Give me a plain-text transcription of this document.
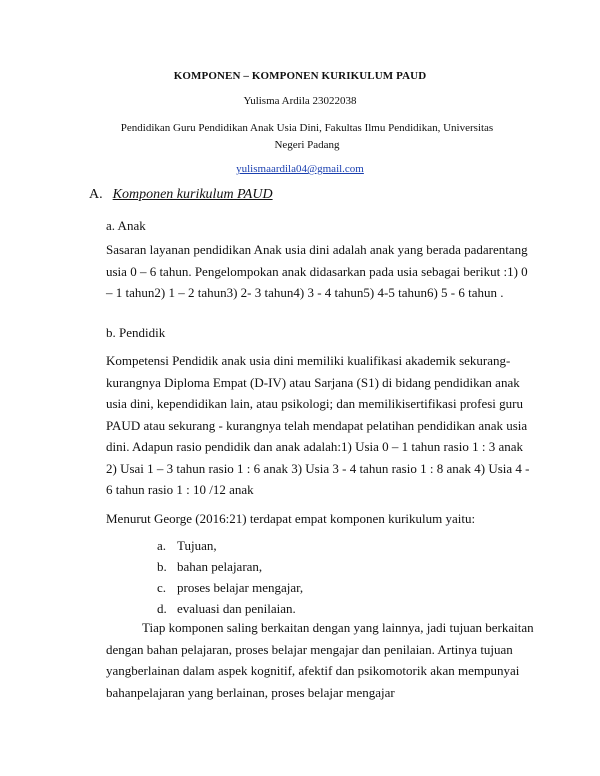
KOMPONEN – KOMPONEN KURIKULUM PAUD
Yulisma Ardila 23022038
Pendidikan Guru Pendidikan Anak Usia Dini, Fakultas Ilmu Pendidikan, Universitas Negeri Padang
yulismaardila04@gmail.com
A. Komponen kurikulum PAUD
a. Anak

Sasaran layanan pendidikan Anak usia dini adalah anak yang berada padarentang usia 0 – 6 tahun. Pengelompokan anak didasarkan pada usia sebagai berikut :1) 0 – 1 tahun2) 1 – 2 tahun3) 2- 3 tahun4) 3 - 4 tahun5) 4-5 tahun6) 5 - 6 tahun .

b. Pendidik

Kompetensi Pendidik anak usia dini memiliki kualifikasi akademik sekurang-kurangnya Diploma Empat (D-IV) atau Sarjana (S1) di bidang pendidikan anak usia dini, kependidikan lain, atau psikologi; dan memilikisertifikasi profesi guru PAUD atau sekurang - kurangnya telah mendapat pelatihan pendidikan anak usia dini. Adapun rasio pendidik dan anak adalah:1) Usia 0 – 1 tahun rasio 1 : 3 anak 2) Usai 1 – 3 tahun rasio 1 : 6 anak 3) Usia 3 - 4 tahun rasio 1 : 8 anak 4) Usia 4 - 6 tahun rasio 1 : 10 /12 anak

Menurut George (2016:21) terdapat empat komponen kurikulum yaitu:

a. Tujuan,
b. bahan pelajaran,
c. proses belajar mengajar,
d. evaluasi dan penilaian.

Tiap komponen saling berkaitan dengan yang lainnya, jadi tujuan berkaitan dengan bahan pelajaran, proses belajar mengajar dan penilaian. Artinya tujuan yangberlainan dalam aspek kognitif, afektif dan psikomotorik akan mempunyai bahanpelajaran yang berlainan, proses belajar mengajar
